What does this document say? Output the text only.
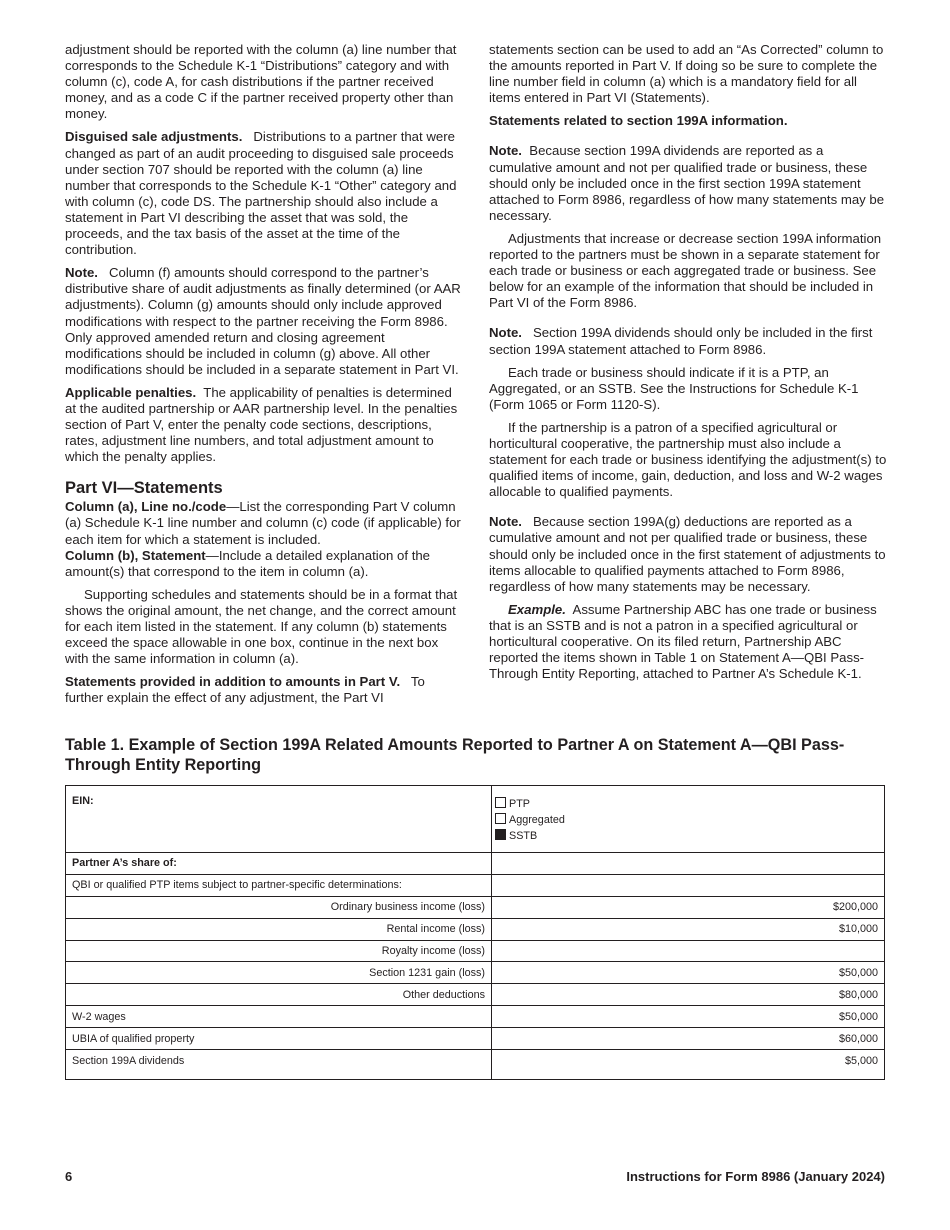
adjustment should be reported with the column (a) line number that corresponds to the Schedule K-1 “Distributions” category and with column (c), code A, for cash distributions if the partner received money, and as a code C if the partner received property other than money.

Disguised sale adjustments. Distributions to a partner that were changed as part of an audit proceeding to disguised sale proceeds under section 707 should be reported with the column (a) line number that corresponds to the Schedule K-1 “Other” category and with column (c), code DS. The partnership should also include a statement in Part VI describing the asset that was sold, the proceeds, and the tax basis of the asset at the time of the contribution.

Note. Column (f) amounts should correspond to the partner’s distributive share of audit adjustments as finally determined (or AAR adjustments). Column (g) amounts should only include approved modifications with respect to the partner receiving the Form 8986. Only approved amended return and closing agreement modifications should be included in column (g) above. All other modifications should be included in a separate statement in Part VI.

Applicable penalties. The applicability of penalties is determined at the audited partnership or AAR partnership level. In the penalties section of Part V, enter the penalty code sections, descriptions, rates, adjustment line numbers, and total adjustment amount to which the penalty applies.

Part VI—Statements

Column (a), Line no./code—List the corresponding Part V column (a) Schedule K-1 line number and column (c) code (if applicable) for each item for which a statement is included.

Column (b), Statement—Include a detailed explanation of the amount(s) that correspond to the item in column (a).

Supporting schedules and statements should be in a format that shows the original amount, the net change, and the correct amount for each item listed in the statement. If any column (b) statements exceed the space allowable in one box, continue in the next box with the same information in column (a).

Statements provided in addition to amounts in Part V. To further explain the effect of any adjustment, the Part VI

statements section can be used to add an “As Corrected” column to the amounts reported in Part V. If doing so be sure to complete the line number field in column (a) which is a mandatory field for all items entered in Part VI (Statements).

Statements related to section 199A information.

Note. Because section 199A dividends are reported as a cumulative amount and not per qualified trade or business, these should only be included once in the first section 199A statement attached to Form 8986, regardless of how many statements may be necessary.

Adjustments that increase or decrease section 199A information reported to the partners must be shown in a separate statement for each trade or business or each aggregated trade or business. See below for an example of the information that should be included in Part VI of the Form 8986.

Note. Section 199A dividends should only be included in the first section 199A statement attached to Form 8986.

Each trade or business should indicate if it is a PTP, an Aggregated, or an SSTB. See the Instructions for Schedule K-1 (Form 1065 or Form 1120-S).

If the partnership is a patron of a specified agricultural or horticultural cooperative, the partnership must also include a statement for each trade or business identifying the adjustment(s) to qualified items of income, gain, deduction, and loss and W-2 wages allocable to qualified payments.

Note. Because section 199A(g) deductions are reported as a cumulative amount and not per qualified trade or business, these should only be included once in the first statement of adjustments to items allocable to qualified payments attached to Form 8986, regardless of how many statements may be necessary.

Example. Assume Partnership ABC has one trade or business that is an SSTB and is not a patron in a specified agricultural or horticultural cooperative. On its filed return, Partnership ABC reported the items shown in Table 1 on Statement A—QBI Pass-Through Entity Reporting, attached to Partner A’s Schedule K-1.

Table 1. Example of Section 199A Related Amounts Reported to Partner A on Statement A—QBI Pass-Through Entity Reporting
EIN:	PTP
Aggregated
SSTB

Partner A’s share of:	
QBI or qualified PTP items subject to partner-specific determinations:	
Ordinary business income (loss)	$200,000
Rental income (loss)	$10,000
Royalty income (loss)	
Section 1231 gain (loss)	$50,000
Other deductions	$80,000
W-2 wages	$50,000
UBIA of qualified property	$60,000
Section 199A dividends	$5,000
6	Instructions for Form 8986 (January 2024)
